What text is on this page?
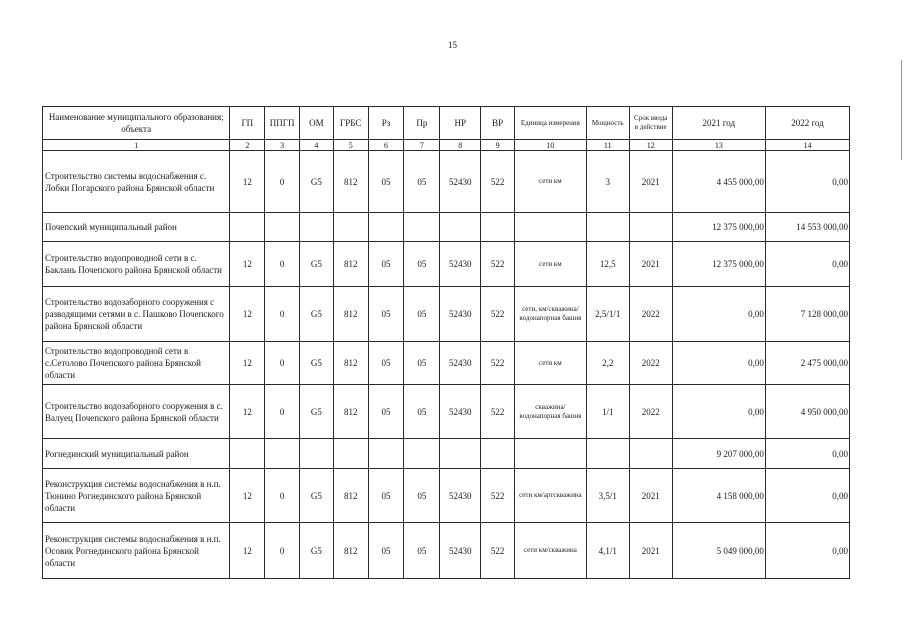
15
Наименование муниципального образования; объекта	ГП	ППГП	ОМ	ГРБС	Рз	Пр	НР	ВР	Единица измерения	Мощность	Срок ввода в действие	2021 год	2022 год
1	2	3	4	5	6	7	8	9	10	11	12	13	14
Строительство системы водоснабжения с. Лобки Погарского района Брянской области	12	0	G5	812	05	05	52430	522	сети км	3	2021	4 455 000,00	0,00
Почепский муниципальный район												12 375 000,00	14 553 000,00
Строительство водопроводной сети в с. Баклань Почепского района Брянской области	12	0	G5	812	05	05	52430	522	сети км	12,5	2021	12 375 000,00	0,00
Строительство водозаборного сооружения с разводящими сетями в с. Пашково Почепского района Брянской области	12	0	G5	812	05	05	52430	522	сети, км/скважина/водонапорная башня	2,5/1/1	2022	0,00	7 128 000,00
Строительство водопроводной сети в с.Сетолово Почепского района Брянской области	12	0	G5	812	05	05	52430	522	сети км	2,2	2022	0,00	2 475 000,00
Строительство водозаборного сооружения в с. Валуец Почепского района Брянской области	12	0	G5	812	05	05	52430	522	скважина/водонапорная башня	1/1	2022	0,00	4 950 000,00
Рогнединский муниципальный район												9 207 000,00	0,00
Реконструкция системы водоснабжения в н.п. Тюнино Рогнединского района Брянской области	12	0	G5	812	05	05	52430	522	сети км/артскважина	3,5/1	2021	4 158 000,00	0,00
Реконструкция системы водоснабжения в н.п. Осовик Рогнединского района Брянской области	12	0	G5	812	05	05	52430	522	сети км/скважина	4,1/1	2021	5 049 000,00	0,00
